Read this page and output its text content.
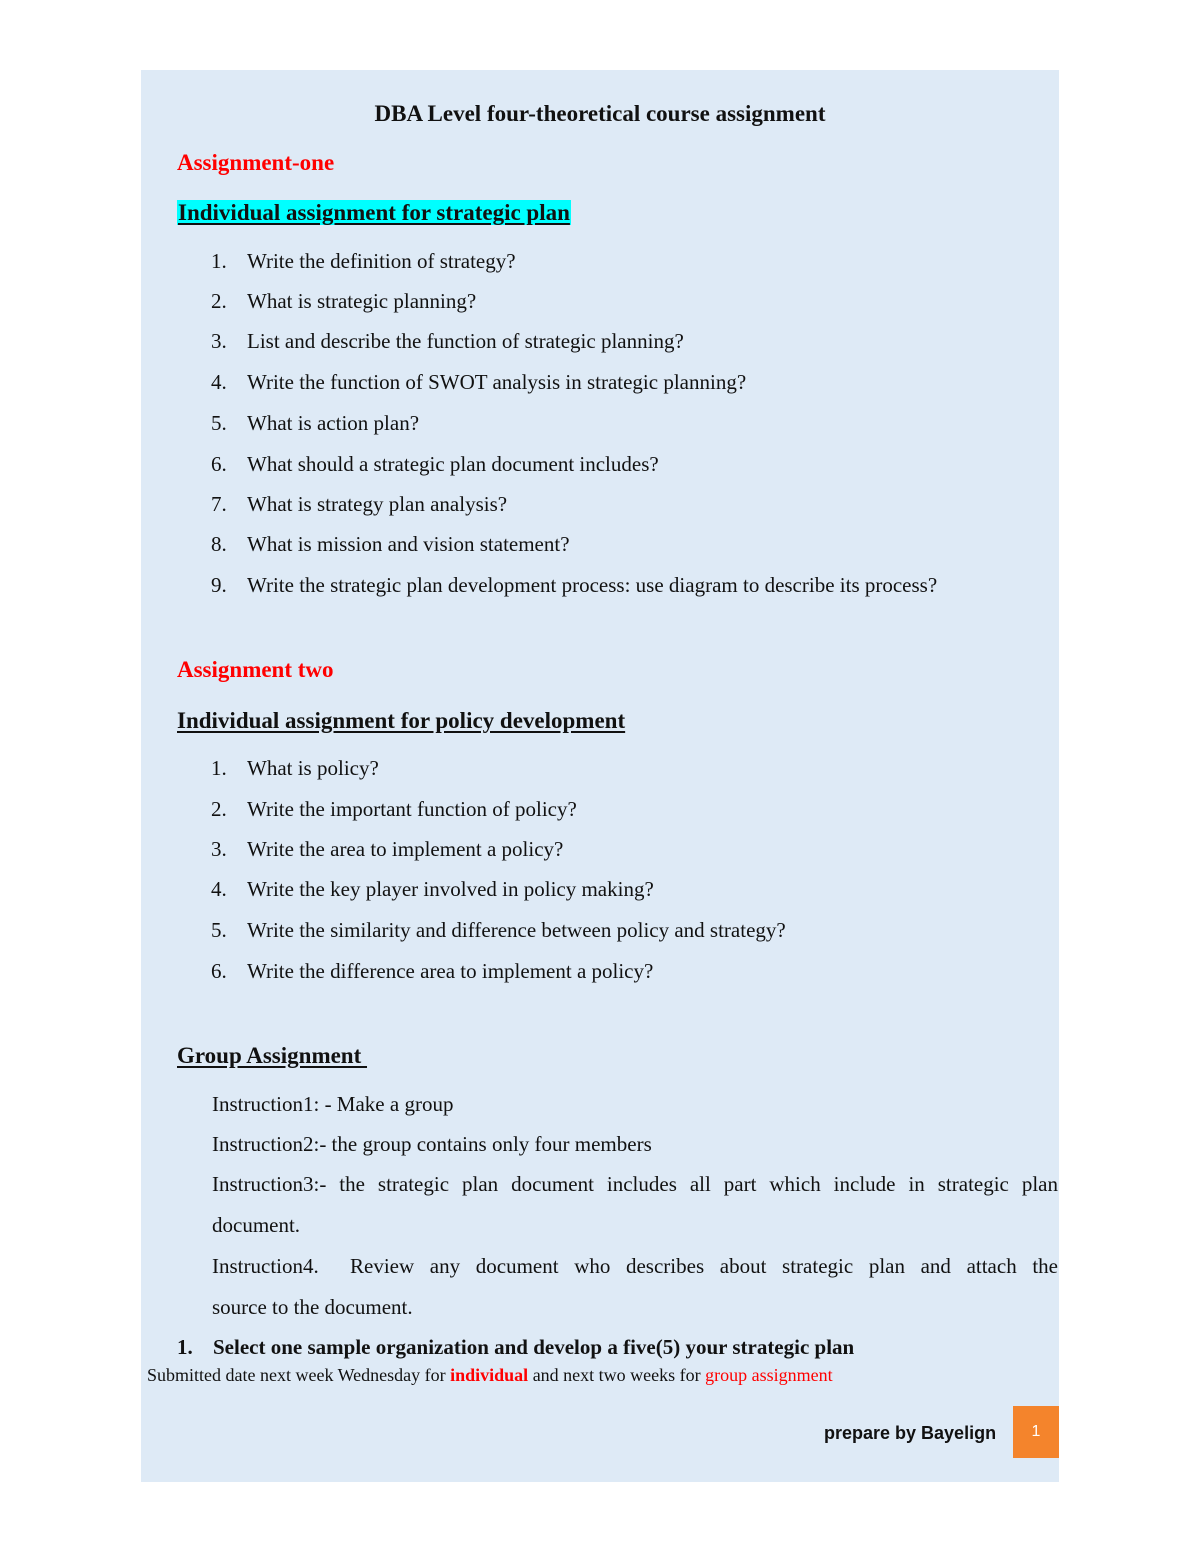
DBA Level four-theoretical course assignment
Assignment-one
Individual assignment for strategic plan
1. Write the definition of strategy?
2. What is strategic planning?
3. List and describe the function of strategic planning?
4. Write the function of SWOT analysis in strategic planning?
5. What is action plan?
6. What should a strategic plan document includes?
7. What is strategy plan analysis?
8. What is mission and vision statement?
9. Write the strategic plan development process: use diagram to describe its process?
Assignment two
Individual assignment for policy development
1. What is policy?
2. Write the important function of policy?
3. Write the area to implement a policy?
4. Write the key player involved in policy making?
5. Write the similarity and difference between policy and strategy?
6. Write the difference area to implement a policy?
Group Assignment
Instruction1: - Make a group
Instruction2:- the group contains only four members
Instruction3:- the strategic plan document includes all part which include in strategic plan
document.
Instruction4.  Review any document who describes about strategic plan and attach the
source to the document.
1. Select one sample organization and develop a five(5) your strategic plan
Submitted date next week Wednesday for individual and next two weeks for group assignment
prepare by Bayelign	1
